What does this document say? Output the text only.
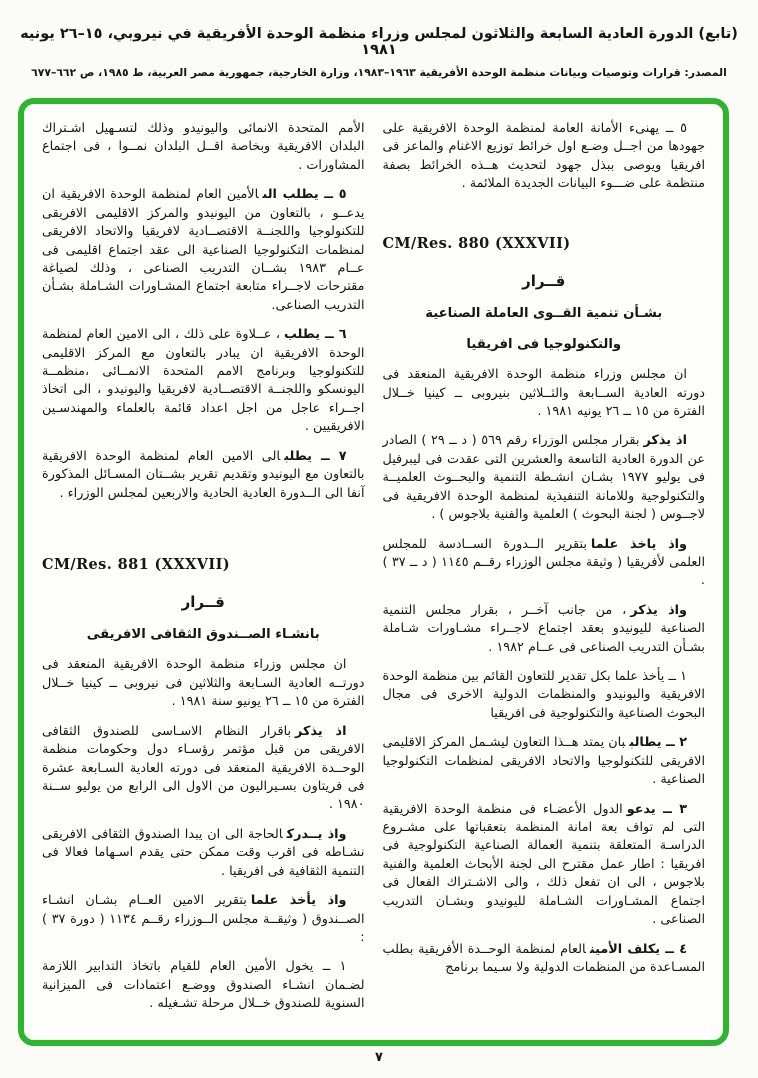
(تابع) الدورة العادية السابعة والثلاثون لمجلس وزراء منظمة الوحدة الأفريقية في نيروبي، ١٥–٢٦ يونيه ١٩٨١
المصدر: قرارات وتوصيات وبيانات منظمة الوحدة الأفريقية ١٩٦٣–١٩٨٣، وزارة الخارجية، جمهورية مصر العربية، ط ١٩٨٥، ص ٦٦٢–٦٧٧

الأمم المتحدة الانمائى واليونيدو وذلك لتسـهيل اشـتراك البلدان الافريقية وبخاصة اقــل البلدان نمــوا ، فى اجتماع المشاورات .

٥ ــ يطلب الىالأمين العام لمنظمة الوحدة الافريقية ان يدعــو ، بالتعاون من اليونيدو والمركز الاقليمى الافريقى للتكنولوجيا واللجنــة الاقتصــادية لافريقيا والاتحاد الافريقى لمنظمات التكنولوجيا الصناعية الى عقد اجتماع اقليمى فى عــام ١٩٨٣ بشــان التدريب الصناعى ، وذلك لصياغة مقترحات لاجــراء متابعة اجتماع المشـاورات الشـاملة بشـأن التدريب الصناعى.

٦ ــ يطلب، عــلاوة على ذلك ، الى الامين العام لمنظمة الوحدة الافريقية ان يبادر بالتعاون مع المركز الاقليمى للتكنولوجيا وبرنامج الامم المتحدة الانمــائى ،منظمــة اليونسكو واللجنــة الاقتصــادية لافريقيا واليونيدو ، الى اتخاذ اجــراء عاجل من اجل اعداد قائمة بالعلماء والمهندسـين الافريقيين .

٧ ــ يطلبالى الامين العام لمنظمة الوحدة الافريقية بالتعاون مع اليونيدو وتقديم تقرير بشــتان المسـائل المذكورة آنفا الى الــدورة العادية الحادية والاربعين لمجلس الوزراء .

CM/Res. 881 (XXXVII)

قــرار

بانشـاء الصــندوق الثقافى الافريقى

ان مجلس وزراء منظمة الوحدة الافريقية المنعقد فى دورتــه العادية السـابعة والثلاثين فى نيروبى ــ كينيا خــلال الفترة من ١٥ ــ ٢٦ يونيو سنة ١٩٨١ .

اذ يذكرباقرار النظام الاسـاسى للصندوق الثقافى الافريقى من قبل مؤتمر رؤسـاء دول وحكومات منظمة الوحــدة الافريقية المنعقد فى دورته العادية السـابعة عشرة فى فريتاون بسـيراليون من الاول الى الرابع من يوليو ســنة ١٩٨٠ .

واذ يــدركالحاجة الى ان يبدا الصندوق الثقافى الافريقى نشـاطه فى اقرب وقت ممكن حتى يقدم اسـهاما فعالا فى التنمية الثقافية فى افريقيا .

واذ يأخذ علمابتقرير الامين العــام بشـان انشـاء الصــندوق ( وثيقــة مجلس الــوزراء رقــم ١١٣٤ ( دورة ٣٧ ) :

١ ــ يخول الأمين العام للقيام باتخاذ التدابير اللازمة لضـمان انشـاء الصندوق ووضـع اعتمادات فى الميزانية السنوية للصندوق خــلال مرحلة تشـغيله .

٥ ــ يهنىء الأمانة العامة لمنظمة الوحدة الافريقية على جهودها من اجــل وضـع اول خرائط توزيع الاغنام والماعز فى افريقيا ويوصى ببذل جهود لتحديث هــذه الخرائط بصفة منتظمة على ضـــوء البيانات الجديدة الملائمة .

CM/Res. 880 (XXXVII)

قــرار

بشـأن تنمية القــوى العاملة الصناعية

والتكنولوجيا فى افريقيا

ان مجلس وزراء منظمة الوحدة الافريقية المنعقد فى دورته العادية الســابعة والثــلاثين بنيروبى ــ كينيا خــلال الفترة من ١٥ ــ ٢٦ يونيه ١٩٨١ .

اذ يذكربقرار مجلس الوزراء رقم ٥٦٩ ( د ــ ٢٩ ) الصادر عن الدورة العادية التاسعة والعشرين التى عقدت فى ليبرفيل فى يوليو ١٩٧٧ بشـان انشـطة التنمية والبحــوث العلميــة والتكنولوجية وللامانة التنفيذية لمنظمة الوحدة الافريقية فى لاجــوس ( لجنة البحوث ) العلمية والفنية بلاجوس ) .

واذ ياخذ علمابتقرير الــدورة الســادسة للمجلس العلمى لأفريقيا ( وثيقة مجلس الوزراء رقــم ١١٤٥ ( د ــ ٣٧ ) .

واذ يذكر، من جانب آخــر ، بقرار مجلس التنمية الصناعية لليونيدو بعقد اجتماع لاجــراء مشـاورات شـاملة بشـأن التدريب الصناعى فى عــام ١٩٨٢ .

١ ــ يأخذ علما بكل تقدير للتعاون القائم بين منظمة الوحدة الافريقية واليونيدو والمنظمات الدولية الاخرى فى مجال البحوث الصناعية والتكنولوجية فى افريقيا

٢ ــ يطالببان يمتد هــذا التعاون ليشـمل المركز الاقليمى الافريقى للتكنولوجيا والاتحاد الافريقى لمنظمات التكنولوجيا الصناعية .

٣ ــ يدعوالدول الأعضـاء فى منظمة الوحدة الافريقية التى لم تواف بعة امانة المنظمة بتعقباتها على مشـروع الدراسـة المتعلقة بتنمية العمالة الصناعية التكنولوجية فى افريقيا : اطار عمل مقترح الى لجنة الأبحاث العلمية والفنية بلاجوس ، الى ان تفعل ذلك ، والى الاشـتراك الفعال فى اجتماع المشـاورات الشـاملة لليونيدو وبشـان التدريب الصناعى .

٤ ــ يكلف الأمينالعام لمنظمة الوحــدة الأفريقية بطلب المسـاعدة من المنظمات الدولية ولا سـيما برنامج

٧
